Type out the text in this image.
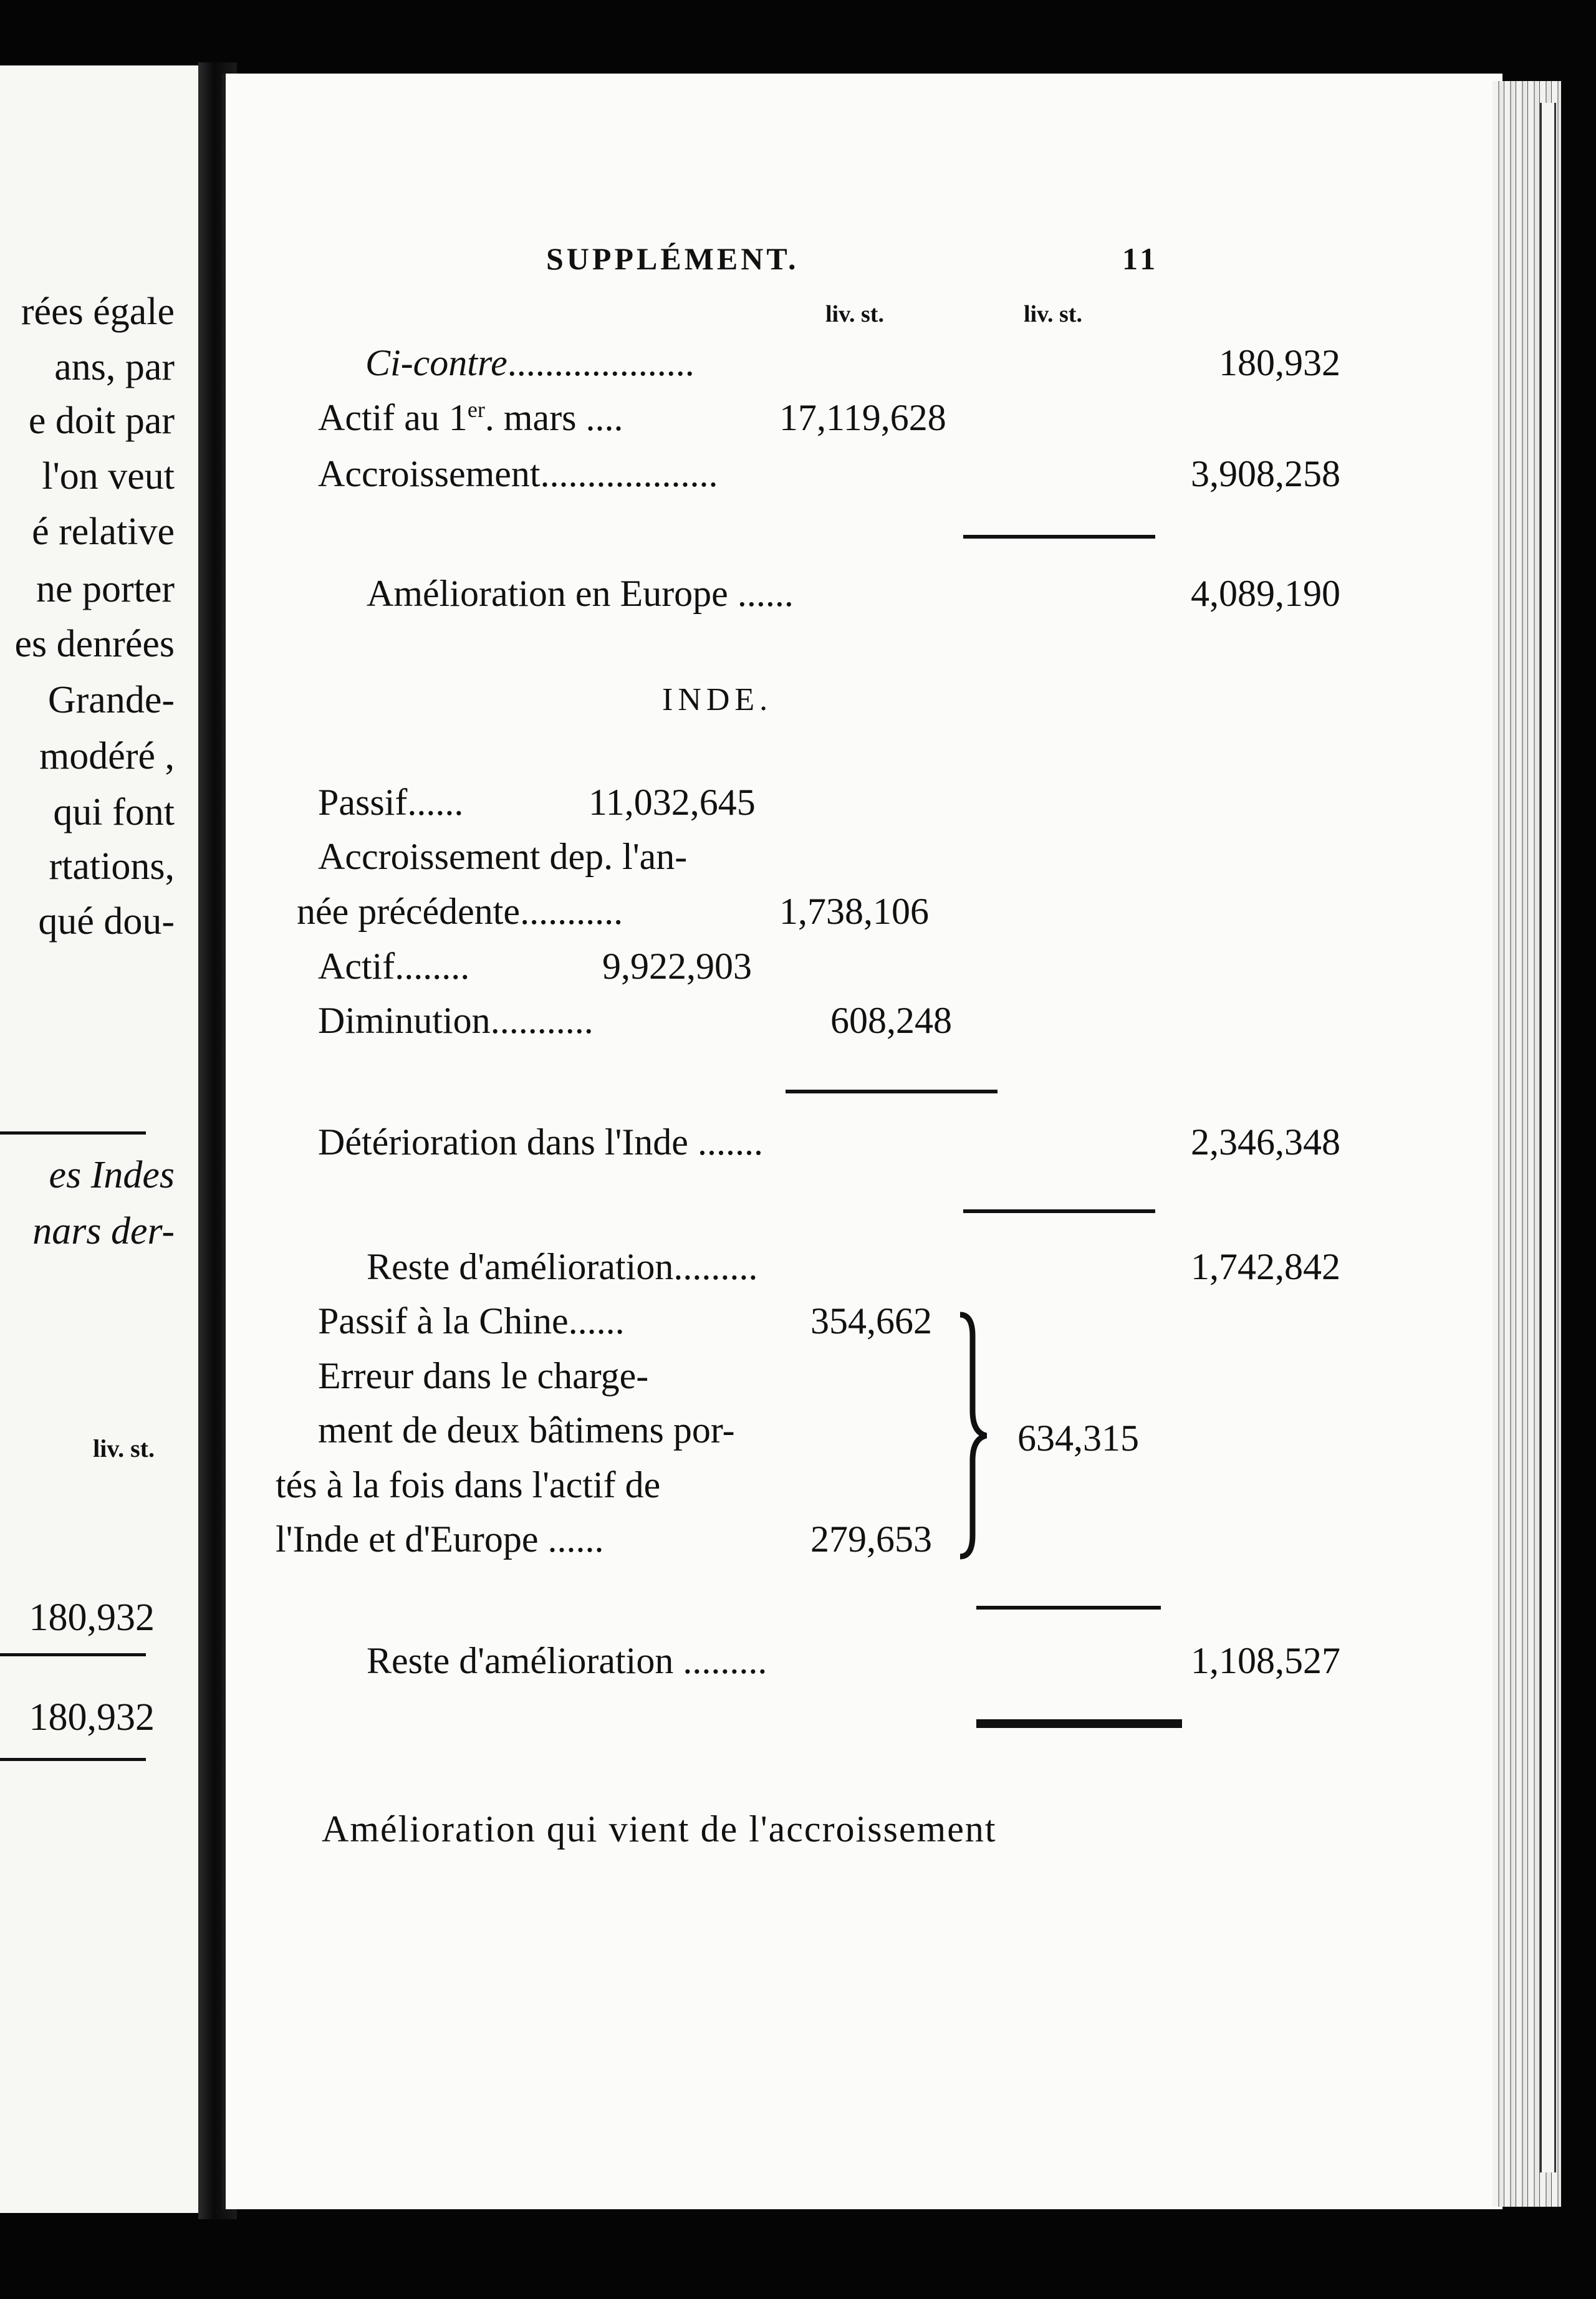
rées égale
ans, par
e doit par
l'on veut
é relative
ne porter
es denrées
Grande-
modéré ,
qui font
rtations,
qué dou-
es Indes
nars der-
liv. st.
180,932
180,932
SUPPLÉMENT.	11
liv. st.	liv. st.
Ci-contre....................	180,932
Actif au 1er. mars ....	17,119,628
Accroissement...................	3,908,258
Amélioration en Europe ......	4,089,190
INDE.
Passif......	11,032,645
Accroissement dep. l'an-
née précédente...........	1,738,106
Actif........	9,922,903
Diminution...........	608,248
Détérioration dans l'Inde .......	2,346,348
Reste d'amélioration.........	1,742,842
Passif à la Chine......	354,662
Erreur dans le charge-
ment de deux bâtimens por-
tés à la fois dans l'actif de
l'Inde et d'Europe ......	279,653
634,315
Reste d'amélioration .........	1,108,527
Amélioration qui vient de l'accroissement
